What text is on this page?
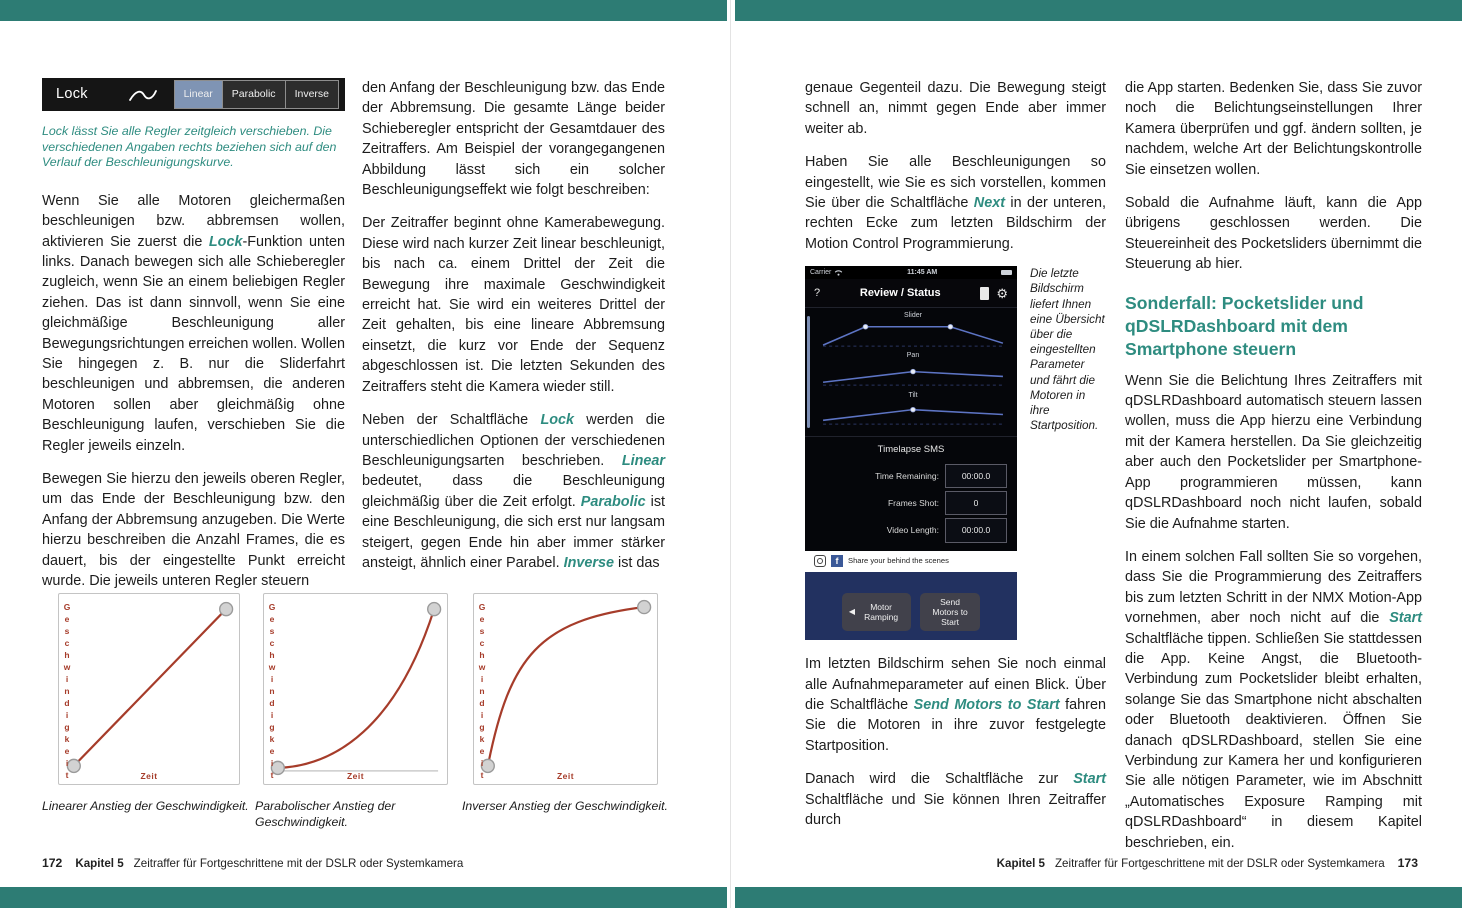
Lock	Linear	Parabolic	Inverse

Lock lässt Sie alle Regler zeitgleich verschieben. Die verschiedenen Angaben rechts beziehen sich auf den Verlauf der Beschleunigungskurve.

Wenn Sie alle Motoren gleichermaßen beschleunigen bzw. abbremsen wollen, aktivieren Sie zuerst die Lock-Funktion unten links. Danach bewegen sich alle Schieberegler zugleich, wenn Sie an einem beliebigen Regler ziehen. Das ist dann sinnvoll, wenn Sie eine gleichmäßige Beschleunigung aller Bewegungsrichtungen erreichen wollen. Wollen Sie hingegen z. B. nur die Sliderfahrt beschleunigen und abbremsen, die anderen Motoren sollen aber gleichmäßig ohne Beschleunigung laufen, verschieben Sie die Regler jeweils einzeln.

Bewegen Sie hierzu den jeweils oberen Regler, um das Ende der Beschleunigung bzw. den Anfang der Abbremsung anzugeben. Die Werte hierzu beschreiben die Anzahl Frames, die es dauert, bis der eingestellte Punkt erreicht wurde. Die jeweils unteren Regler steuern

den Anfang der Beschleunigung bzw. das Ende der Abbremsung. Die gesamte Länge beider Schieberegler entspricht der Gesamtdauer des Zeitraffers. Am Beispiel der vorangegangenen Abbildung lässt sich ein solcher Beschleunigungseffekt wie folgt beschreiben:

Der Zeitraffer beginnt ohne Kamerabewegung. Diese wird nach kurzer Zeit linear beschleunigt, bis nach ca. einem Drittel der Zeit die Bewegung ihre maximale Geschwindigkeit erreicht hat. Sie wird ein weiteres Drittel der Zeit gehalten, bis eine lineare Abbremsung einsetzt, die kurz vor Ende der Sequenz abgeschlossen ist. Die letzten Sekunden des Zeitraffers steht die Kamera wieder still.

Neben der Schaltfläche Lock werden die unterschiedlichen Optionen der verschiedenen Beschleunigungsarten beschrieben. Linear bedeutet, dass die Beschleunigung gleichmäßig über die Zeit erfolgt. Parabolic ist eine Beschleunigung, die sich erst nur langsam steigert, gegen Ende hin aber immer stärker ansteigt, ähnlich einer Parabel. Inverse ist das

Geschwindigkeit	Zeit	Geschwindigkeit	Zeit	Geschwindigkeit	Zeit
Linearer Anstieg der Geschwindigkeit. Parabolischer Anstieg der Geschwindigkeit.
Inverser Anstieg der Geschwindigkeit.
172 Kapitel 5 Zeitraffer für Fortgeschrittene mit der DSLR oder Systemkamera

genaue Gegenteil dazu. Die Bewegung steigt schnell an, nimmt gegen Ende aber immer weiter ab.

Haben Sie alle Beschleunigungen so eingestellt, wie Sie es sich vorstellen, kommen Sie über die Schaltfläche Next in der unteren, rechten Ecke zum letzten Bildschirm der Motion Control Programmierung.

Carrier	11:45 AM
?	Review / Status	⚙
Slider
Pan
Tilt
Timelapse SMS
Time Remaining:	00:00.0
Frames Shot:	0
Video Length:	00:00.0
f	Share your behind the scenes
◀	Motor Ramping
Send Motors to Start
Die letzte Bildschirm liefert Ihnen eine Übersicht über die eingestellten Parameter und fährt die Motoren in ihre Startposition.

Im letzten Bildschirm sehen Sie noch einmal alle Aufnahmeparameter auf einen Blick. Über die Schaltfläche Send Motors to Start fahren Sie die Motoren in ihre zuvor festgelegte Startposition.

Danach wird die Schaltfläche zur Start Schaltfläche und Sie können Ihren Zeitraffer durch

die App starten. Bedenken Sie, dass Sie zuvor noch die Belichtungseinstellungen Ihrer Kamera überprüfen und ggf. ändern sollten, je nachdem, welche Art der Belichtungskontrolle Sie einsetzen wollen.

Sobald die Aufnahme läuft, kann die App übrigens geschlossen werden. Die Steuereinheit des Pocketsliders übernimmt die Steuerung ab hier.

Sonderfall: Pocketslider und qDSLRDashboard mit dem Smartphone steuern

Wenn Sie die Belichtung Ihres Zeitraffers mit qDSLRDashboard automatisch steuern lassen wollen, muss die App hierzu eine Verbindung mit der Kamera herstellen. Da Sie gleichzeitig aber auch den Pocketslider per Smartphone-App programmieren müssen, kann qDSLRDashboard noch nicht laufen, sobald Sie die Aufnahme starten.

In einem solchen Fall sollten Sie so vorgehen, dass Sie die Programmierung des Zeitraffers bis zum letzten Schritt in der NMX Motion-App vornehmen, aber noch nicht auf die Start Schaltfläche tippen. Schließen Sie stattdessen die App. Keine Angst, die Bluetooth-Verbindung zum Pocketslider bleibt erhalten, solange Sie das Smartphone nicht abschalten oder Bluetooth deaktivieren. Öffnen Sie danach qDSLRDashboard, stellen Sie eine Verbindung zur Kamera her und konfigurieren Sie alle nötigen Parameter, wie im Abschnitt „Automatisches Exposure Ramping mit qDSLRDashboard“ in diesem Kapitel beschrieben, ein.

Kapitel 5 Zeitraffer für Fortgeschrittene mit der DSLR oder Systemkamera 173
